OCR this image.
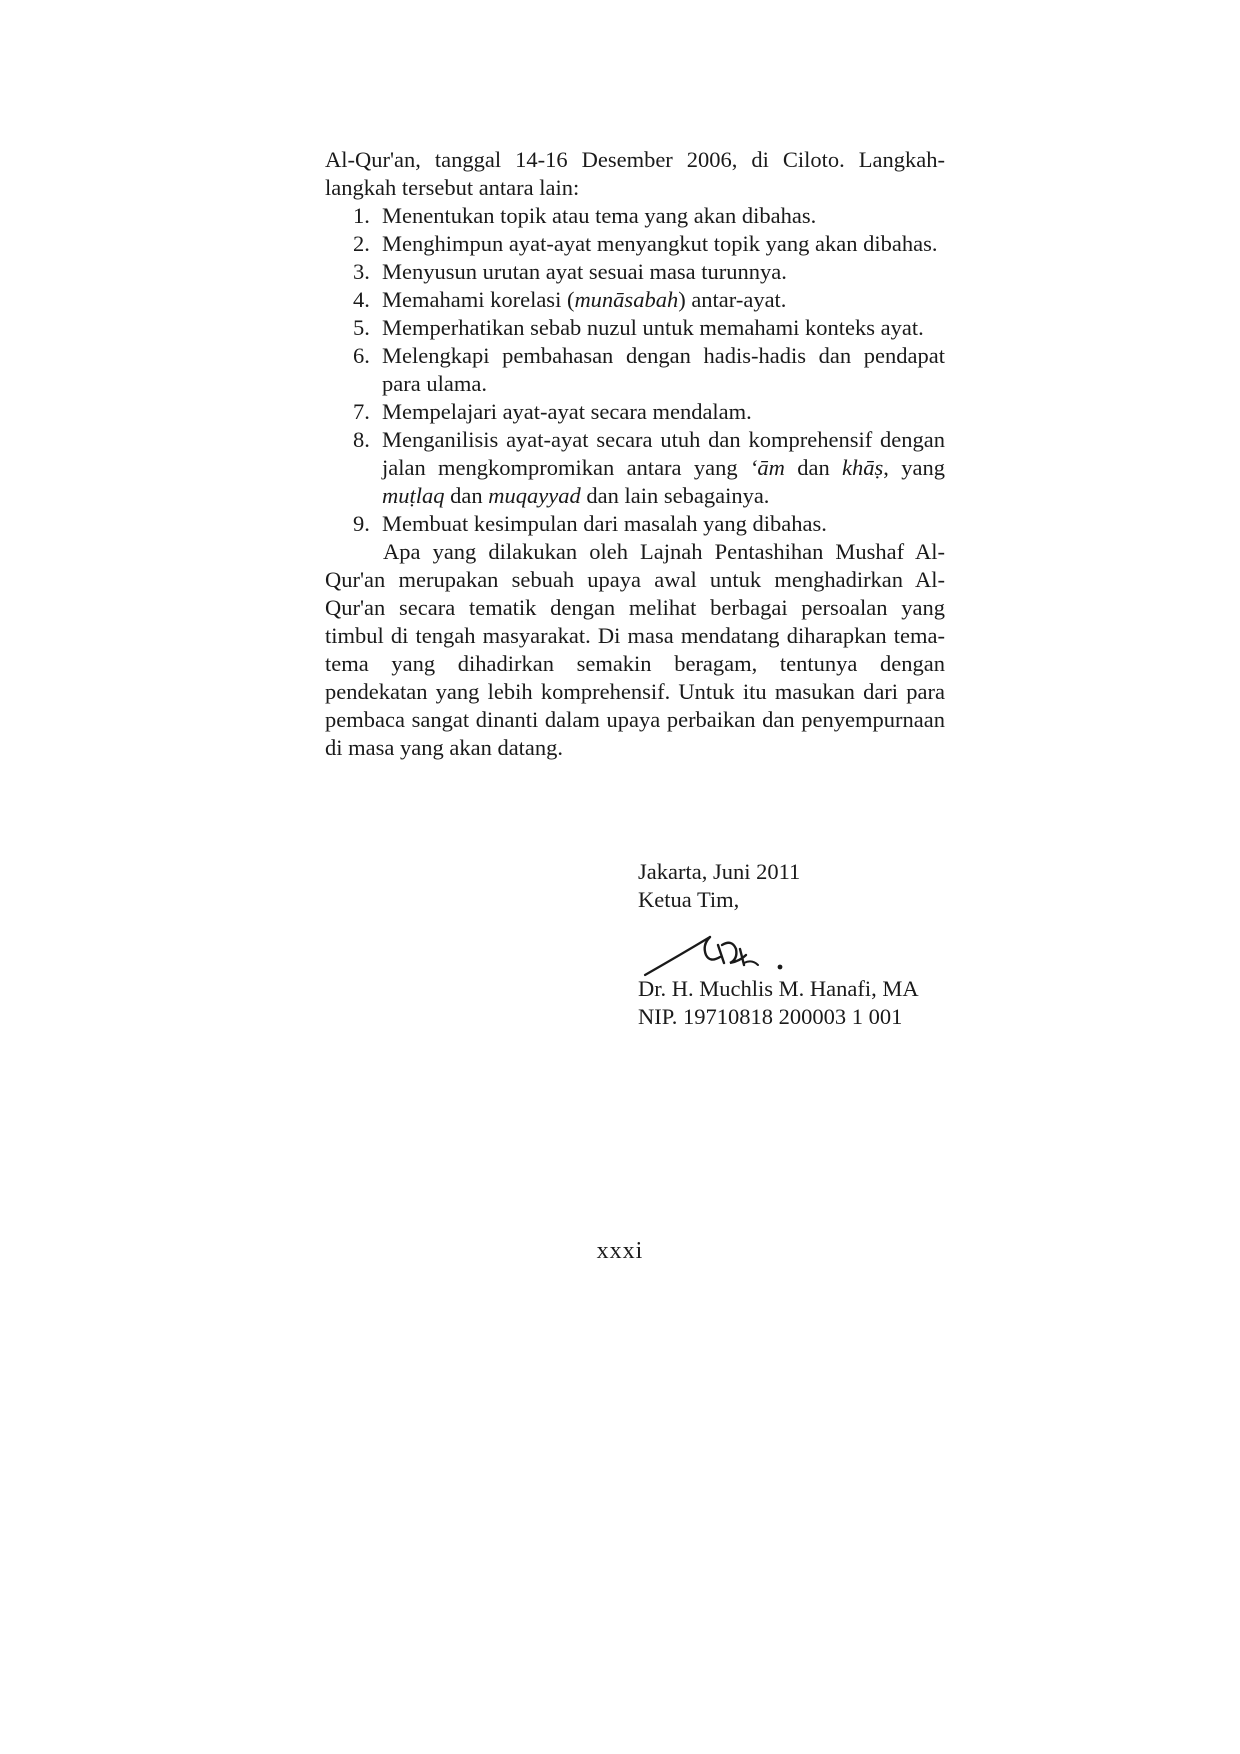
Al-Qur'an, tanggal 14-16 Desember 2006, di Ciloto. Langkah-langkah tersebut antara lain:

1. Menentukan topik atau tema yang akan dibahas.
2. Menghimpun ayat-ayat menyangkut topik yang akan dibahas.
3. Menyusun urutan ayat sesuai masa turunnya.
4. Memahami korelasi (munāsabah) antar-ayat.
5. Memperhatikan sebab nuzul untuk memahami konteks ayat.
6. Melengkapi pembahasan dengan hadis-hadis dan pendapat para ulama.
7. Mempelajari ayat-ayat secara mendalam.
8. Menganilisis ayat-ayat secara utuh dan komprehensif dengan jalan mengkompromikan antara yang ‘ām dan khāṣ, yang muṭlaq dan muqayyad dan lain sebagainya.
9. Membuat kesimpulan dari masalah yang dibahas.

Apa yang dilakukan oleh Lajnah Pentashihan Mushaf Al-Qur'an merupakan sebuah upaya awal untuk menghadirkan Al-Qur'an secara tematik dengan melihat berbagai persoalan yang timbul di tengah masyarakat. Di masa mendatang diharapkan tema-tema yang dihadirkan semakin beragam, tentunya dengan pendekatan yang lebih komprehensif. Untuk itu masukan dari para pembaca sangat dinanti dalam upaya perbaikan dan penyempurnaan di masa yang akan datang.

Jakarta, Juni 2011
Ketua Tim,
Dr. H. Muchlis M. Hanafi, MA
NIP. 19710818 200003 1 001
xxxi
